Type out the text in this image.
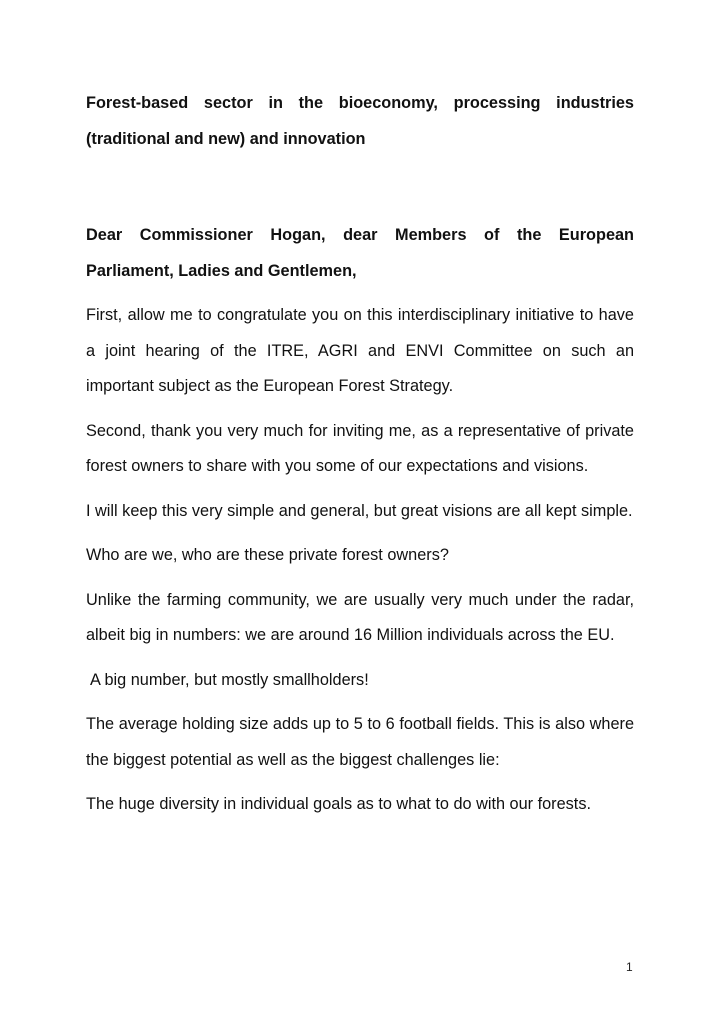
Forest-based sector in the bioeconomy, processing industries (traditional and new) and innovation

Dear Commissioner Hogan, dear Members of the European Parliament, Ladies and Gentlemen,

First, allow me to congratulate you on this interdisciplinary initiative to have a joint hearing of the ITRE, AGRI and ENVI Committee on such an important subject as the European Forest Strategy.

Second, thank you very much for inviting me, as a representative of private forest owners to share with you some of our expectations and visions.

I will keep this very simple and general, but great visions are all kept simple.

Who are we, who are these private forest owners?

Unlike the farming community, we are usually very much under the radar, albeit big in numbers: we are around 16 Million individuals across the EU.

A big number, but mostly smallholders!

The average holding size adds up to 5 to 6 football fields. This is also where the biggest potential as well as the biggest challenges lie:

The huge diversity in individual goals as to what to do with our forests.

1
